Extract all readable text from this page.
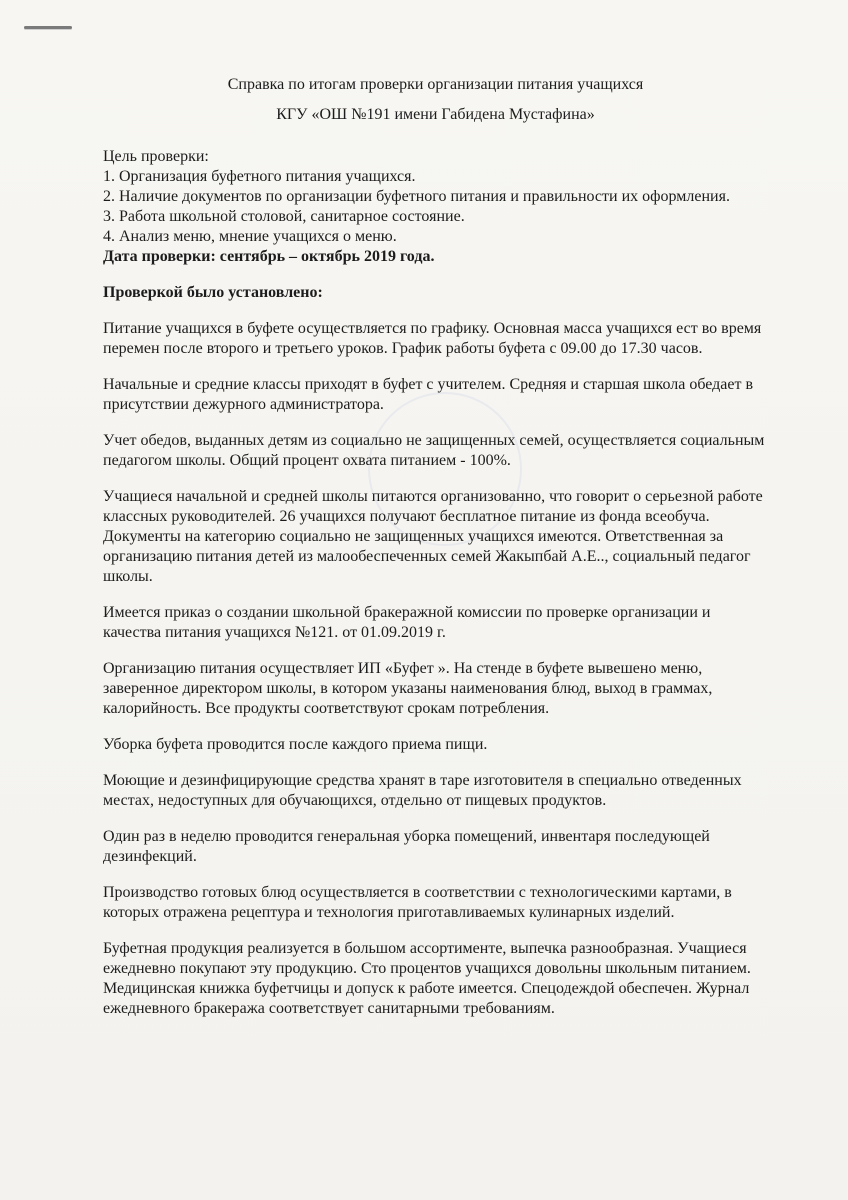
Справка по итогам проверки организации питания учащихся

КГУ «ОШ №191 имени Габидена Мустафина»

Цель проверки:

1. Организация буфетного питания учащихся.
2. Наличие документов по организации буфетного питания и правильности их оформления.
3. Работа школьной столовой, санитарное состояние.
4. Анализ меню, мнение учащихся о меню.

Дата проверки: сентябрь – октябрь 2019 года.

Проверкой было установлено:

Питание учащихся в буфете осуществляется по графику. Основная масса учащихся ест во время перемен после второго и третьего уроков. График работы буфета с 09.00 до 17.30 часов.

Начальные и средние классы приходят в буфет с учителем. Средняя и старшая школа обедает в присутствии дежурного администратора.

Учет обедов, выданных детям из социально не защищенных семей, осуществляется социальным педагогом школы. Общий процент охвата питанием - 100%.

Учащиеся начальной и средней школы питаются организованно, что говорит о серьезной работе классных руководителей. 26 учащихся получают бесплатное питание из фонда всеобуча. Документы на категорию социально не защищенных учащихся имеются. Ответственная за организацию питания детей из малообеспеченных семей Жакыпбай А.Е.., социальный педагог школы.

Имеется приказ о создании школьной бракеражной комиссии по проверке организации и качества питания учащихся №121. от 01.09.2019 г.

Организацию питания осуществляет ИП «Буфет ». На стенде в буфете вывешено меню, заверенное директором школы, в котором указаны наименования блюд, выход в граммах, калорийность. Все продукты соответствуют срокам потребления.

Уборка буфета проводится после каждого приема пищи.

Моющие и дезинфицирующие средства хранят в таре изготовителя в специально отведенных местах, недоступных для обучающихся, отдельно от пищевых продуктов.

Один раз в неделю проводится генеральная уборка помещений, инвентаря последующей дезинфекций.

Производство готовых блюд осуществляется в соответствии с технологическими картами, в которых отражена рецептура и технология приготавливаемых кулинарных изделий.

Буфетная продукция реализуется в большом ассортименте, выпечка разнообразная. Учащиеся ежедневно покупают эту продукцию. Сто процентов учащихся довольны школьным питанием. Медицинская книжка буфетчицы и допуск к работе имеется. Спецодеждой обеспечен. Журнал ежедневного бракеража соответствует санитарными требованиям.
